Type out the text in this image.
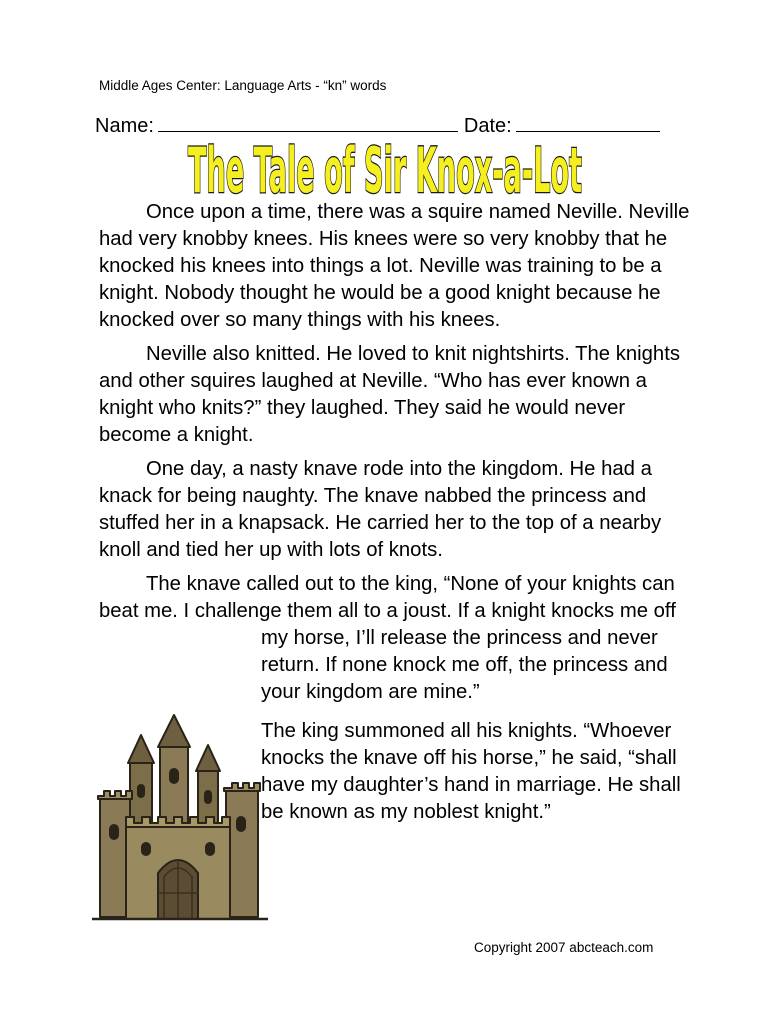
Middle Ages Center: Language Arts - “kn” words
Name:	Date:
The Tale of Sir Knox-a-Lot

Once upon a time, there was a squire named Neville. Neville had very knobby knees. His knees were so very knobby that he knocked his knees into things a lot. Neville was training to be a knight. Nobody thought he would be a good knight because he knocked over so many things with his knees.

Neville also knitted. He loved to knit nightshirts. The knights and other squires laughed at Neville. “Who has ever known a knight who knits?” they laughed. They said he would never become a knight.

One day, a nasty knave rode into the kingdom. He had a knack for being naughty. The knave nabbed the princess and stuffed her in a knapsack. He carried her to the top of a nearby knoll and tied her up with lots of knots.

The knave called out to the king, “None of your knights can beat me. I challenge them all to a joust. If a knight knocks me off my horse, I’ll release the princess and never return. If none knock me off, the princess and your kingdom are mine.”

The king summoned all his knights. “Whoever knocks the knave off his horse,” he said, “shall have my daughter’s hand in marriage. He shall be known as my noblest knight.”

Copyright 2007 abcteach.com
